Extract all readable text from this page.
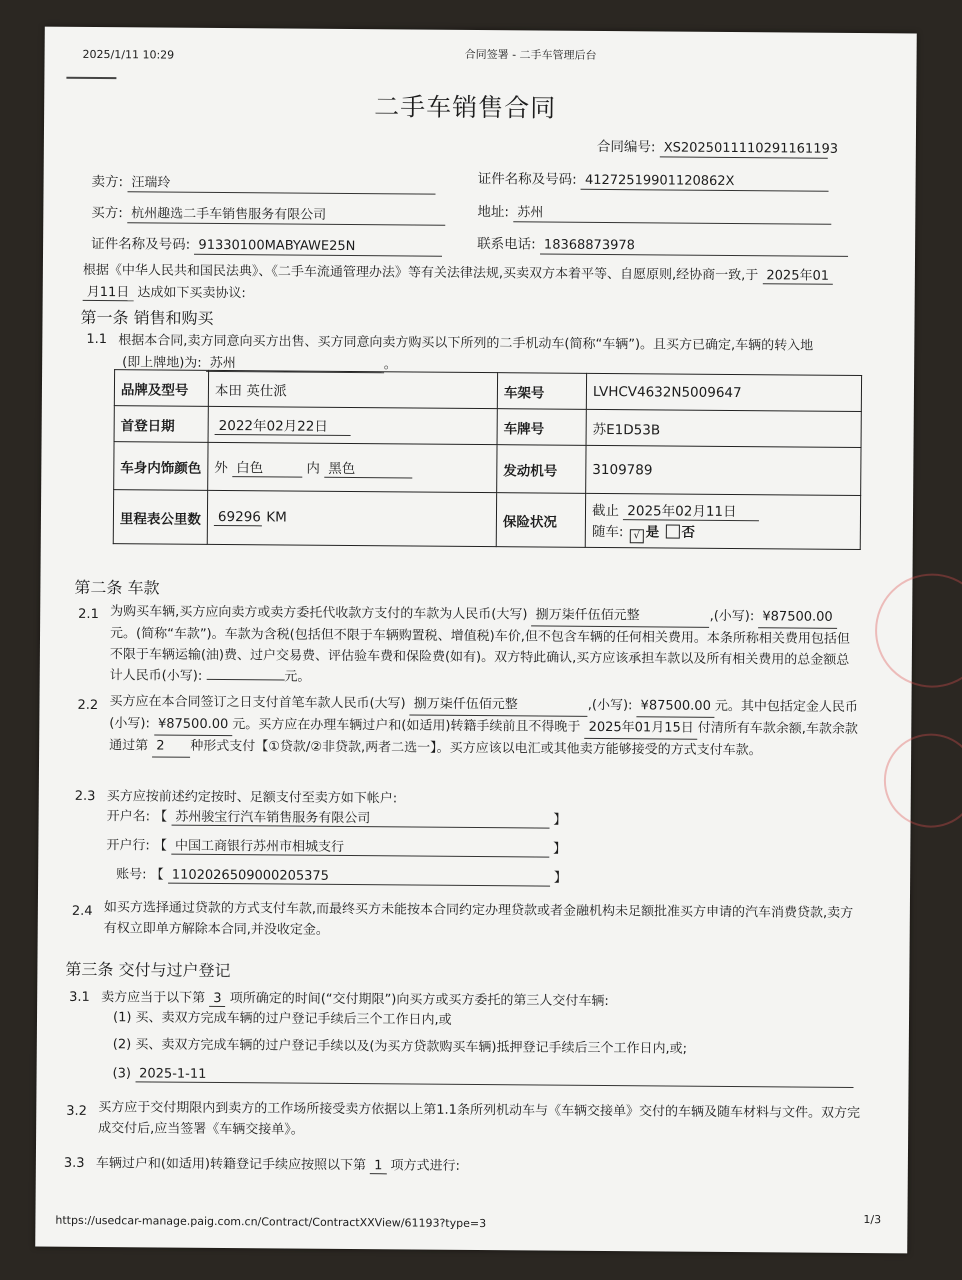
2025/1/11 10:29	合同签署 - 二手车管理后台
二手车销售合同
合同编号: XS2025011110291161193
卖方: 汪瑞玲	证件名称及号码: 41272519901120862X
买方: 杭州趣选二手车销售服务有限公司	地址: 苏州
证件名称及号码: 91330100MABYAWE25N	联系电话: 18368873978
根据《中华人民共和国民法典》、《二手车流通管理办法》等有关法律法规,买卖双方本着平等、自愿原则,经协商一致,于 2025年01
月11日 达成如下买卖协议:
第一条 销售和购买
1.1 根据本合同,卖方同意向买方出售、买方同意向卖方购买以下所列的二手机动车(简称“车辆”)。且买方已确定,车辆的转入地
(即上牌地)为: 苏州	。
品牌及型号	本田 英仕派	车架号	LVHCV4632N5009647
首登日期	2022年02月22日	车牌号	苏E1D53B
车身内饰颜色	外 白色 内 黑色	发动机号	3109789
里程表公里数	69296 KM	保险状况	截止 2025年02月11日
随车: √ 是 否
第二条 车款
2.1 为购买车辆,买方应向卖方或卖方委托代收款方支付的车款为人民币(大写) 捌万柒仟伍佰元整	,(小写): ¥87500.00元。(简称“车款”)。车款为含税(包括但不限于车辆购置税、增值税)车价,但不包含车辆的任何相关费用。本条所称相关费用包括但不限于车辆运输(油)费、过户交易费、评估验车费和保险费(如有)。双方特此确认,买方应该承担车款以及所有相关费用的总金额总计人民币(小写):	元。
2.2 买方应在本合同签订之日支付首笔车款人民币(大写) 捌万柒仟伍佰元整	,(小写): ¥87500.00 元。其中包括定金人民币(小写): ¥87500.00 元。买方应在办理车辆过户和(如适用)转籍手续前且不得晚于 2025年01月15日 付清所有车款余额,车款余款通过第 2 种形式支付【①贷款/②非贷款,两者二选一】。买方应该以电汇或其他卖方能够接受的方式支付车款。
2.3 买方应按前述约定按时、足额支付至卖方如下帐户:
开户名: 【 苏州骏宝行汽车销售服务有限公司	】
开户行: 【 中国工商银行苏州市相城支行	】
账号: 【 1102026509000205375	】
2.4 如买方选择通过贷款的方式支付车款,而最终买方未能按本合同约定办理贷款或者金融机构未足额批准买方申请的汽车消费贷款,卖方有权立即单方解除本合同,并没收定金。
第三条 交付与过户登记
3.1 卖方应当于以下第 3 项所确定的时间(“交付期限”)向买方或买方委托的第三人交付车辆:
(1) 买、卖双方完成车辆的过户登记手续后三个工作日内,或
(2) 买、卖双方完成车辆的过户登记手续以及(为买方贷款购买车辆)抵押登记手续后三个工作日内,或;
(3) 2025-1-11
3.2 买方应于交付期限内到卖方的工作场所接受卖方依据以上第1.1条所列机动车与《车辆交接单》交付的车辆及随车材料与文件。双方完成交付后,应当签署《车辆交接单》。
3.3 车辆过户和(如适用)转籍登记手续应按照以下第 1 项方式进行:
https://usedcar-manage.paig.com.cn/Contract/ContractXXView/61193?type=3	1/3
